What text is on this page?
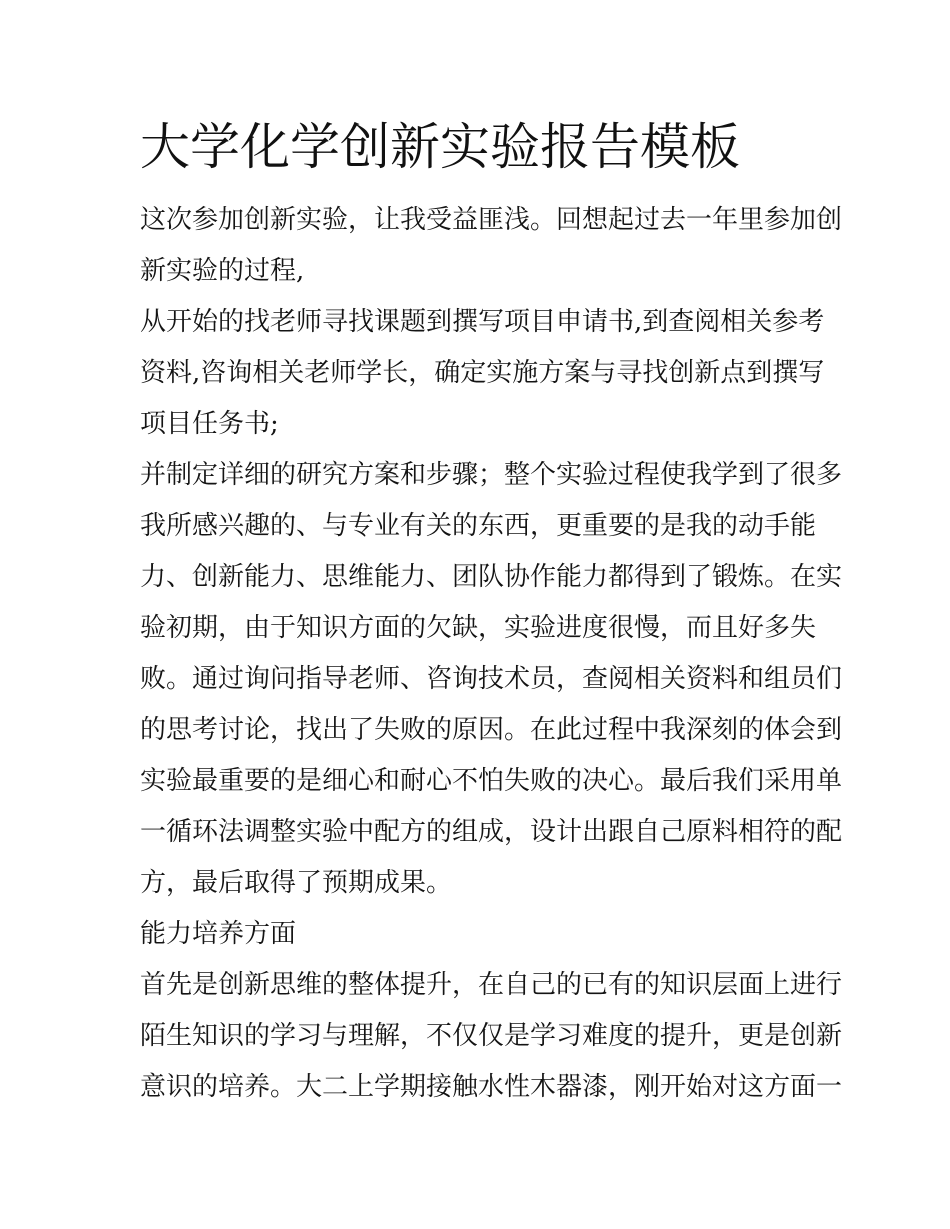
大学化学创新实验报告模板

这次参加创新实验，让我受益匪浅。回想起过去一年里参加创

新实验的过程,

从开始的找老师寻找课题到撰写项目申请书,到查阅相关参考

资料,咨询相关老师学长，确定实施方案与寻找创新点到撰写

项目任务书;

并制定详细的研究方案和步骤；整个实验过程使我学到了很多

我所感兴趣的、与专业有关的东西，更重要的是我的动手能

力、创新能力、思维能力、团队协作能力都得到了锻炼。在实

验初期，由于知识方面的欠缺，实验进度很慢，而且好多失

败。通过询问指导老师、咨询技术员，查阅相关资料和组员们

的思考讨论，找出了失败的原因。在此过程中我深刻的体会到

实验最重要的是细心和耐心不怕失败的决心。最后我们采用单

一循环法调整实验中配方的组成，设计出跟自己原料相符的配

方，最后取得了预期成果。

能力培养方面

首先是创新思维的整体提升，在自己的已有的知识层面上进行

陌生知识的学习与理解，不仅仅是学习难度的提升，更是创新

意识的培养。大二上学期接触水性木器漆，刚开始对这方面一
